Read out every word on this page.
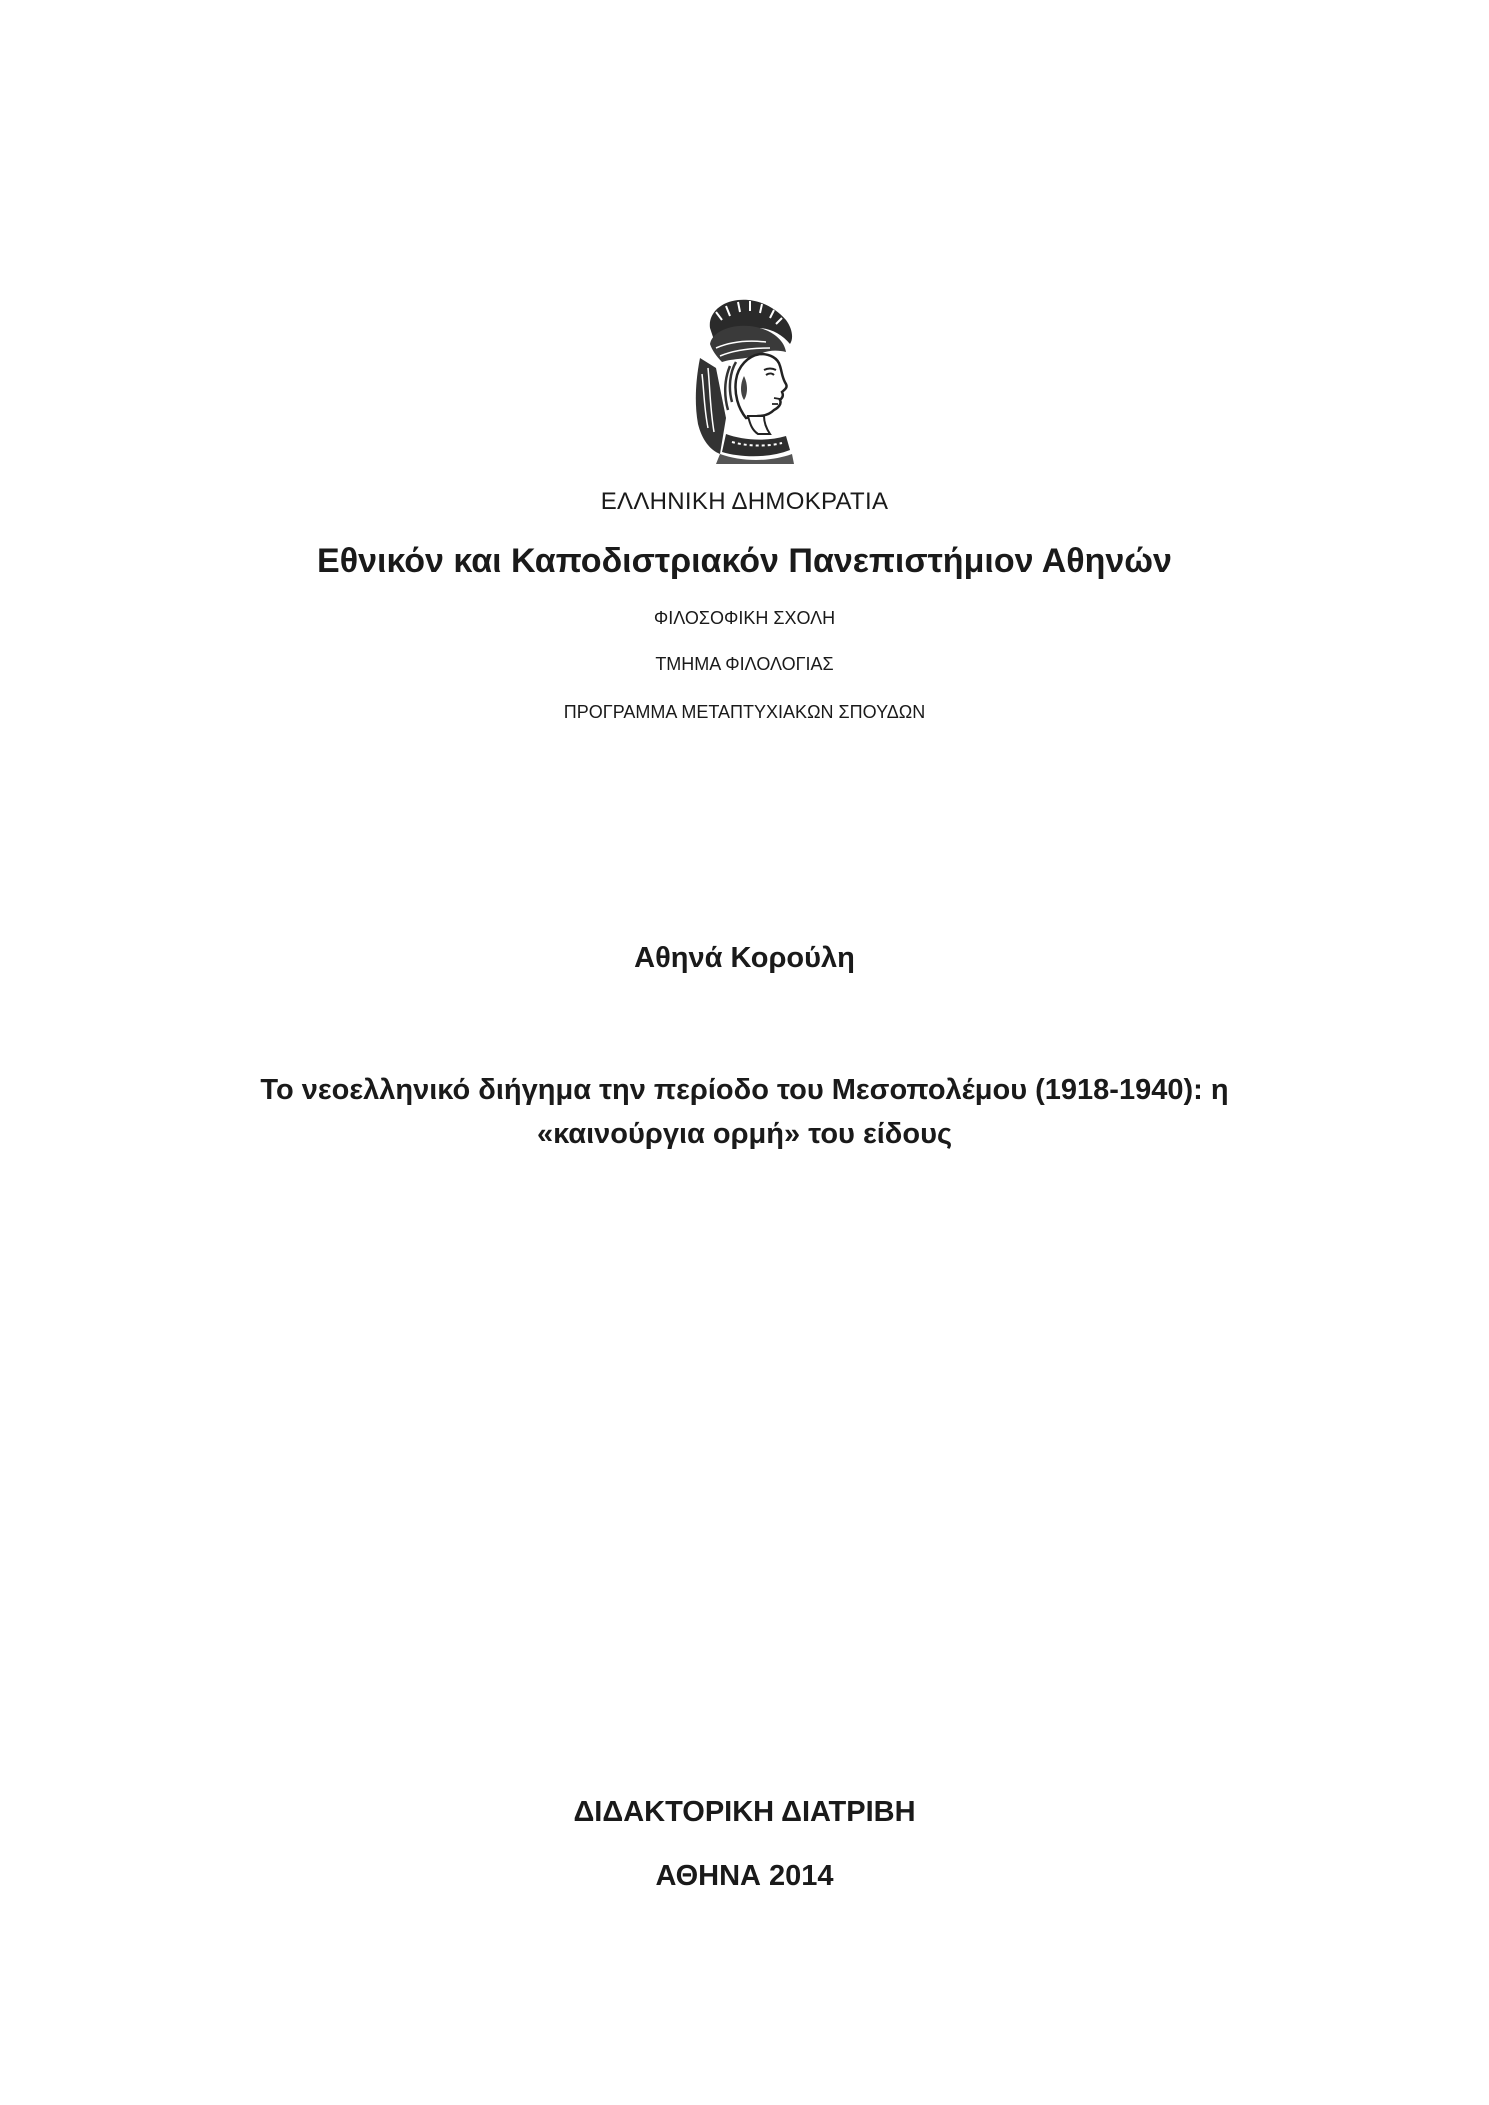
ΕΛΛΗΝΙΚΗ ΔΗΜΟΚΡΑΤΙΑ
Εθνικόν και Καποδιστριακόν Πανεπιστήμιον Αθηνών
ΦΙΛΟΣΟΦΙΚΗ ΣΧΟΛΗ
ΤΜΗΜΑ ΦΙΛΟΛΟΓΙΑΣ
ΠΡΟΓΡΑΜΜΑ ΜΕΤΑΠΤΥΧΙΑΚΩΝ ΣΠΟΥΔΩΝ
Αθηνά Κορούλη
Το νεοελληνικό διήγημα την περίοδο του Μεσοπολέμου (1918-1940): η
«καινούργια ορμή» του είδους
ΔΙΔΑΚΤΟΡΙΚΗ ΔΙΑΤΡΙΒΗ
ΑΘΗΝΑ 2014
